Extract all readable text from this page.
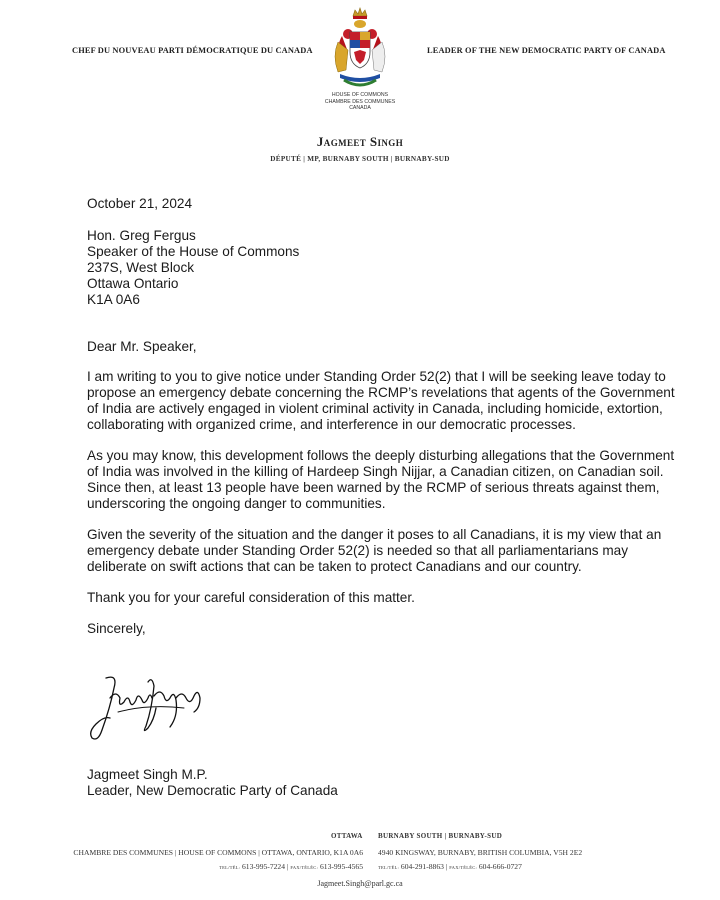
CHEF DU NOUVEAU PARTI DÉMOCRATIQUE DU CANADA	LEADER OF THE NEW DEMOCRATIC PARTY OF CANADA
HOUSE OF COMMONS
CHAMBRE DES COMMUNES
CANADA
Jagmeet Singh
DÉPUTÉ | MP, BURNABY SOUTH | BURNABY-SUD
October 21, 2024
Hon. Greg Fergus
Speaker of the House of Commons
237S, West Block
Ottawa Ontario
K1A 0A6
Dear Mr. Speaker,
I am writing to you to give notice under Standing Order 52(2) that I will be seeking leave today to propose an emergency debate concerning the RCMP’s revelations that agents of the Government of India are actively engaged in violent criminal activity in Canada, including homicide, extortion, collaborating with organized crime, and interference in our democratic processes.
As you may know, this development follows the deeply disturbing allegations that the Government of India was involved in the killing of Hardeep Singh Nijjar, a Canadian citizen, on Canadian soil. Since then, at least 13 people have been warned by the RCMP of serious threats against them, underscoring the ongoing danger to communities.
Given the severity of the situation and the danger it poses to all Canadians, it is my view that an emergency debate under Standing Order 52(2) is needed so that all parliamentarians may deliberate on swift actions that can be taken to protect Canadians and our country.
Thank you for your careful consideration of this matter.
Sincerely,
Jagmeet Singh M.P.
Leader, New Democratic Party of Canada
OTTAWA BURNABY SOUTH | BURNABY-SUD
CHAMBRE DES COMMUNES | HOUSE OF COMMONS | OTTAWA, ONTARIO, K1A 0A6 4940 KINGSWAY, BURNABY, BRITISH COLUMBIA, V5H 2E2
TEL/TÉL: 613-995-7224 | FAX/TÉLÉC: 613-995-4565	TEL/TÉL: 604-291-8863 | FAX/TÉLÉC: 604-666-0727
Jagmeet.Singh@parl.gc.ca
